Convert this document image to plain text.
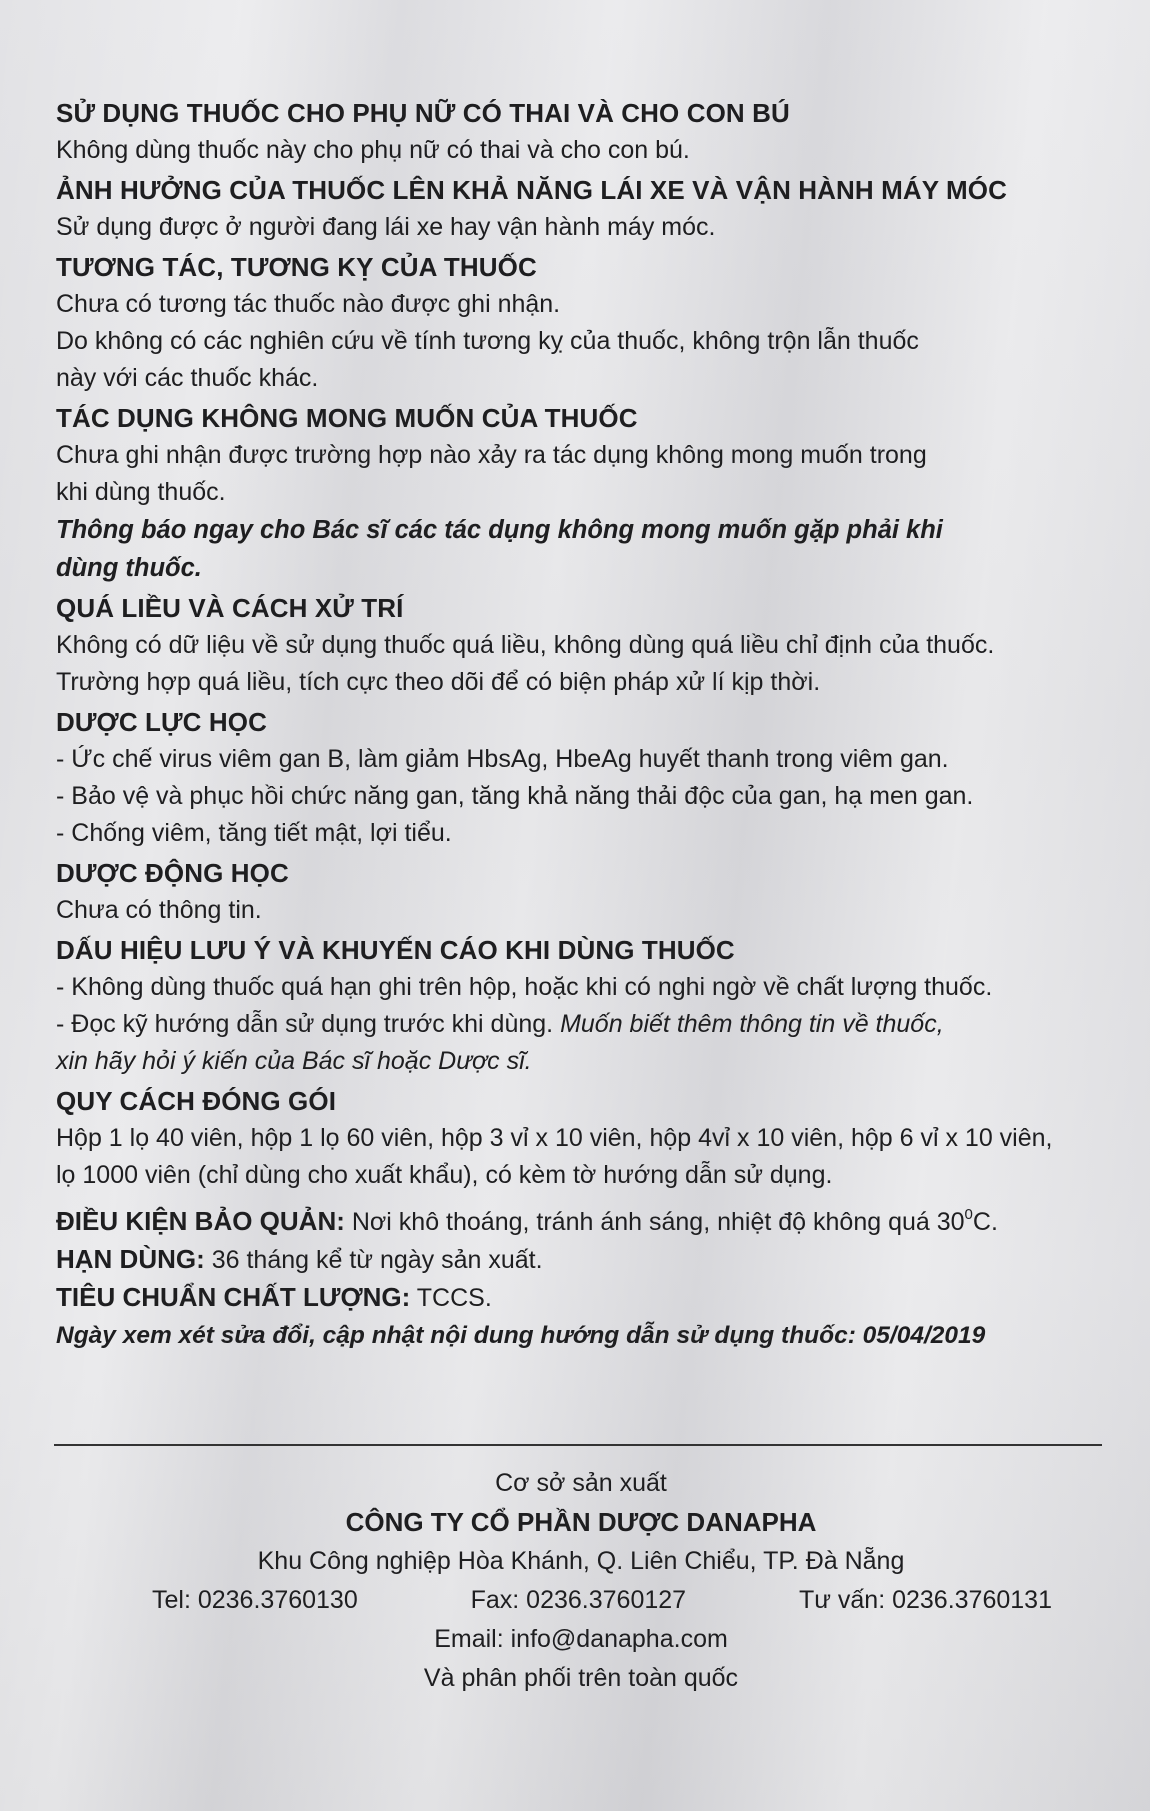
SỬ DỤNG THUỐC CHO PHỤ NỮ CÓ THAI VÀ CHO CON BÚ
Không dùng thuốc này cho phụ nữ có thai và cho con bú.
ẢNH HƯỞNG CỦA THUỐC LÊN KHẢ NĂNG LÁI XE VÀ VẬN HÀNH MÁY MÓC
Sử dụng được ở người đang lái xe hay vận hành máy móc.
TƯƠNG TÁC, TƯƠNG KỴ CỦA THUỐC
Chưa có tương tác thuốc nào được ghi nhận.
Do không có các nghiên cứu về tính tương kỵ của thuốc, không trộn lẫn thuốc
này với các thuốc khác.
TÁC DỤNG KHÔNG MONG MUỐN CỦA THUỐC
Chưa ghi nhận được trường hợp nào xảy ra tác dụng không mong muốn trong
khi dùng thuốc.
Thông báo ngay cho Bác sĩ các tác dụng không mong muốn gặp phải khi
dùng thuốc.
QUÁ LIỀU VÀ CÁCH XỬ TRÍ
Không có dữ liệu về sử dụng thuốc quá liều, không dùng quá liều chỉ định của thuốc.
Trường hợp quá liều, tích cực theo dõi để có biện pháp xử lí kịp thời.
DƯỢC LỰC HỌC
- Ức chế virus viêm gan B, làm giảm HbsAg, HbeAg huyết thanh trong viêm gan.
- Bảo vệ và phục hồi chức năng gan, tăng khả năng thải độc của gan, hạ men gan.
- Chống viêm, tăng tiết mật, lợi tiểu.
DƯỢC ĐỘNG HỌC
Chưa có thông tin.
DẤU HIỆU LƯU Ý VÀ KHUYẾN CÁO KHI DÙNG THUỐC
- Không dùng thuốc quá hạn ghi trên hộp, hoặc khi có nghi ngờ về chất lượng thuốc.
- Đọc kỹ hướng dẫn sử dụng trước khi dùng. Muốn biết thêm thông tin về thuốc,
xin hãy hỏi ý kiến của Bác sĩ hoặc Dược sĩ.
QUY CÁCH ĐÓNG GÓI
Hộp 1 lọ 40 viên, hộp 1 lọ 60 viên, hộp 3 vỉ x 10 viên, hộp 4vỉ x 10 viên, hộp 6 vỉ x 10 viên,
lọ 1000 viên (chỉ dùng cho xuất khẩu), có kèm tờ hướng dẫn sử dụng.
ĐIỀU KIỆN BẢO QUẢN: Nơi khô thoáng, tránh ánh sáng, nhiệt độ không quá $30^0C$.
HẠN DÙNG: 36 tháng kể từ ngày sản xuất.
TIÊU CHUẨN CHẤT LƯỢNG: TCCS.
Ngày xem xét sửa đổi, cập nhật nội dung hướng dẫn sử dụng thuốc: 05/04/2019
Cơ sở sản xuất
CÔNG TY CỔ PHẦN DƯỢC DANAPHA
Khu Công nghiệp Hòa Khánh, Q. Liên Chiểu, TP. Đà Nẵng
Tel: 0236.3760130	Fax: 0236.3760127	Tư vấn: 0236.3760131
Email: info@danapha.com
Và phân phối trên toàn quốc
